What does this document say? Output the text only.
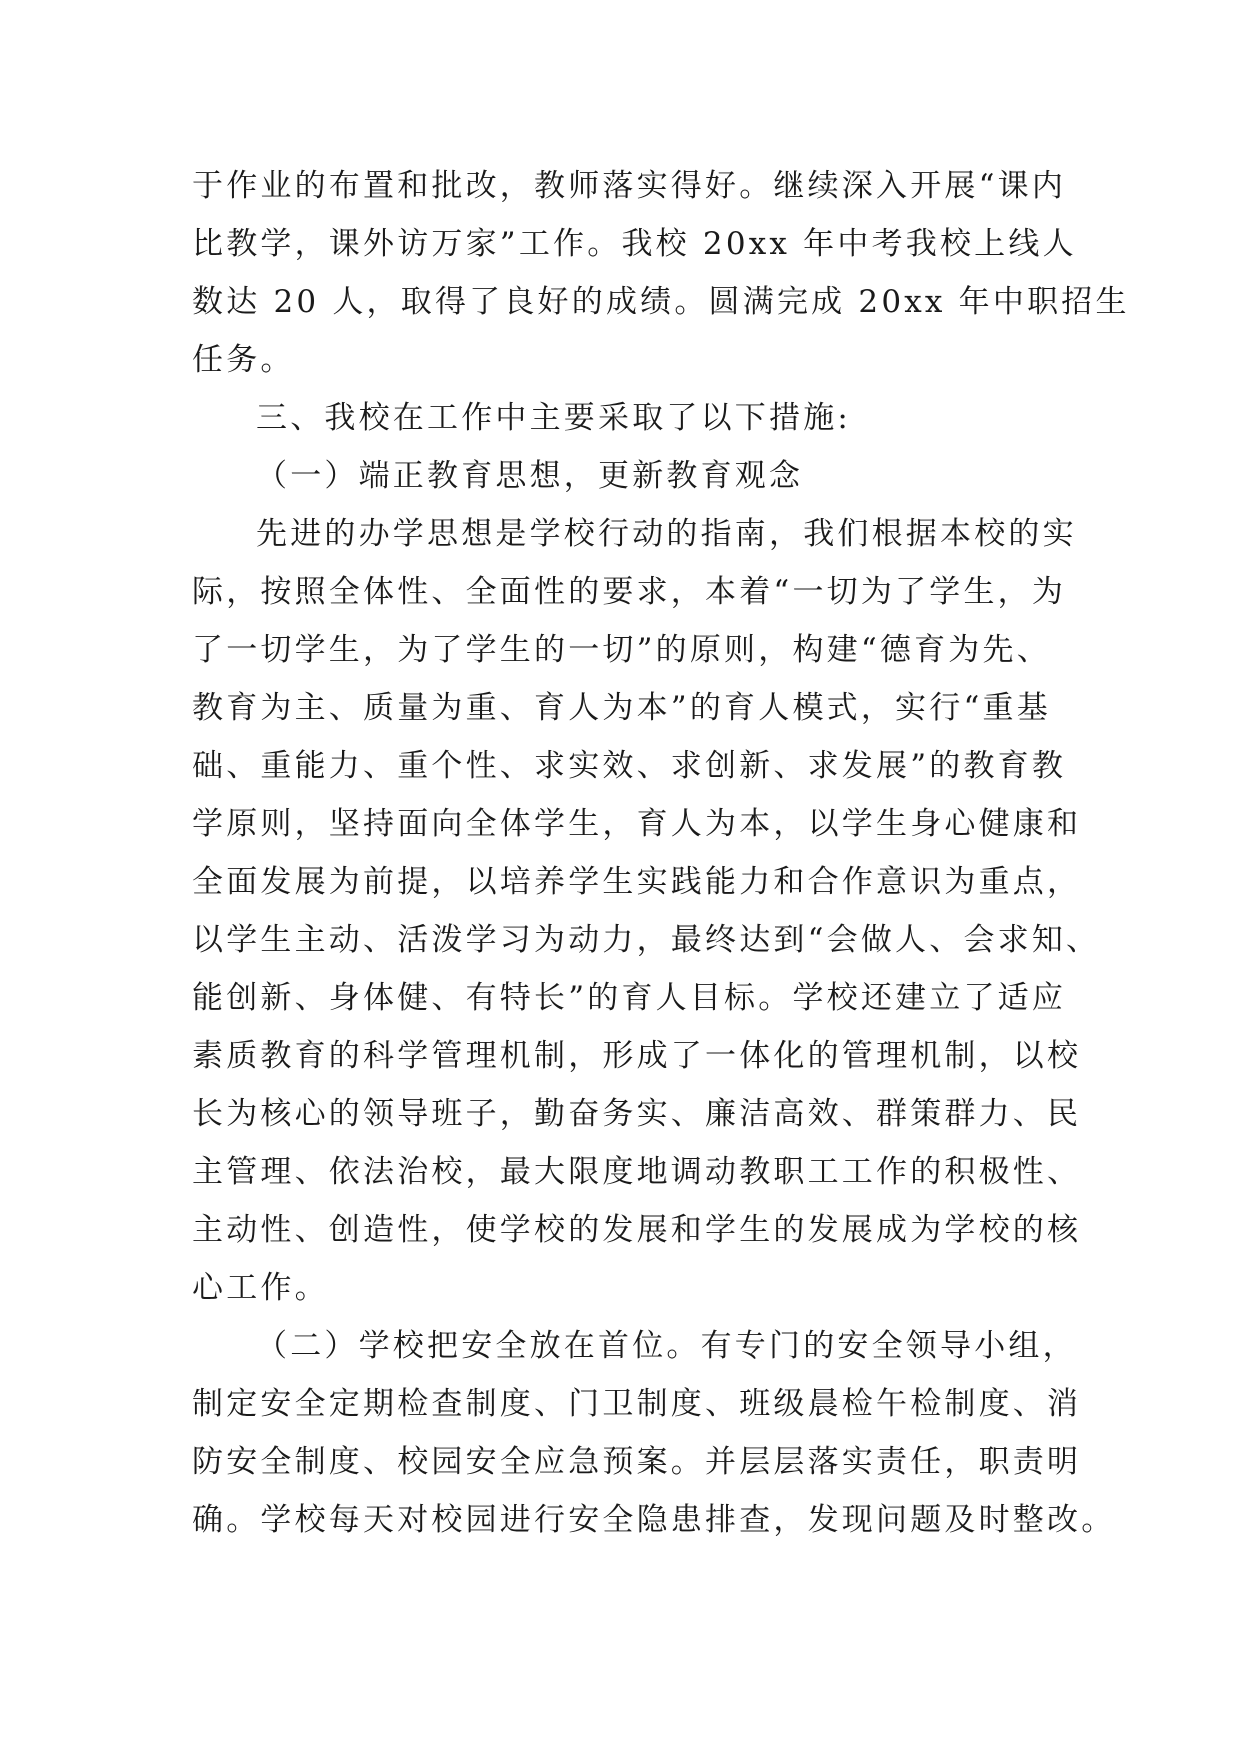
于作业的布置和批改，教师落实得好。继续深入开展“课内
比教学，课外访万家”工作。我校 20xx 年中考我校上线人
数达 20 人，取得了良好的成绩。圆满完成 20xx 年中职招生
任务。
三、我校在工作中主要采取了以下措施:
（一）端正教育思想，更新教育观念
先进的办学思想是学校行动的指南，我们根据本校的实
际，按照全体性、全面性的要求，本着“一切为了学生，为
了一切学生，为了学生的一切”的原则，构建“德育为先、
教育为主、质量为重、育人为本”的育人模式，实行“重基
础、重能力、重个性、求实效、求创新、求发展”的教育教
学原则，坚持面向全体学生，育人为本，以学生身心健康和
全面发展为前提，以培养学生实践能力和合作意识为重点，
以学生主动、活泼学习为动力，最终达到“会做人、会求知、
能创新、身体健、有特长”的育人目标。学校还建立了适应
素质教育的科学管理机制，形成了一体化的管理机制，以校
长为核心的领导班子，勤奋务实、廉洁高效、群策群力、民
主管理、依法治校，最大限度地调动教职工工作的积极性、
主动性、创造性，使学校的发展和学生的发展成为学校的核
心工作。
（二）学校把安全放在首位。有专门的安全领导小组，
制定安全定期检查制度、门卫制度、班级晨检午检制度、消
防安全制度、校园安全应急预案。并层层落实责任，职责明
确。学校每天对校园进行安全隐患排查，发现问题及时整改。
